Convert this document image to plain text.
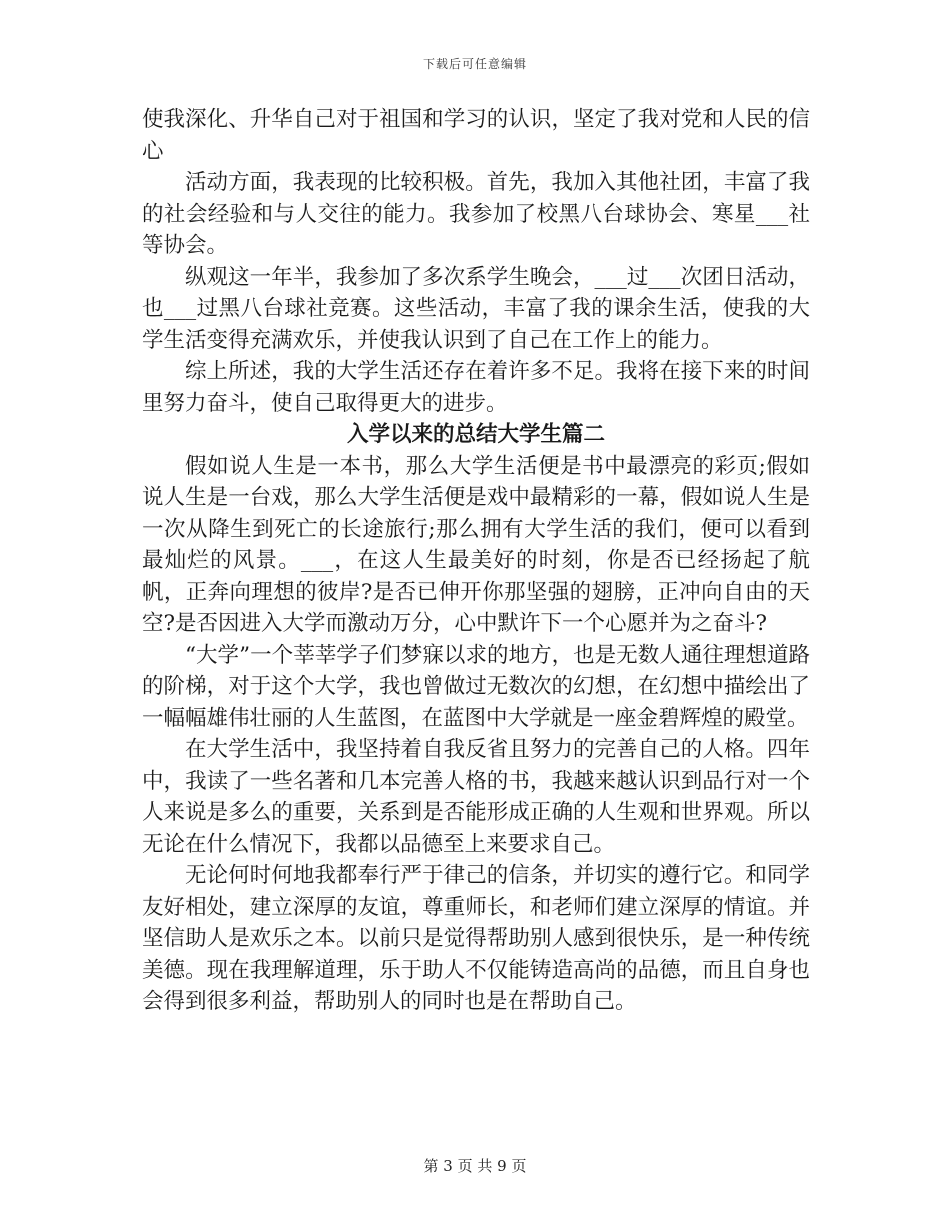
下载后可任意编辑

使我深化、升华自己对于祖国和学习的认识，坚定了我对党和人民的信心

活动方面，我表现的比较积极。首先，我加入其他社团，丰富了我的社会经验和与人交往的能力。我参加了校黑八台球协会、寒星___社等协会。

纵观这一年半，我参加了多次系学生晚会，___过___次团日活动，也___过黑八台球社竞赛。这些活动，丰富了我的课余生活，使我的大学生活变得充满欢乐，并使我认识到了自己在工作上的能力。

综上所述，我的大学生活还存在着许多不足。我将在接下来的时间里努力奋斗，使自己取得更大的进步。

入学以来的总结大学生篇二

假如说人生是一本书，那么大学生活便是书中最漂亮的彩页;假如说人生是一台戏，那么大学生活便是戏中最精彩的一幕，假如说人生是一次从降生到死亡的长途旅行;那么拥有大学生活的我们，便可以看到最灿烂的风景。___，在这人生最美好的时刻，你是否已经扬起了航帆，正奔向理想的彼岸?是否已伸开你那坚强的翅膀，正冲向自由的天空?是否因进入大学而激动万分，心中默许下一个心愿并为之奋斗?

“大学”一个莘莘学子们梦寐以求的地方，也是无数人通往理想道路的阶梯，对于这个大学，我也曾做过无数次的幻想，在幻想中描绘出了一幅幅雄伟壮丽的人生蓝图，在蓝图中大学就是一座金碧辉煌的殿堂。

在大学生活中，我坚持着自我反省且努力的完善自己的人格。四年中，我读了一些名著和几本完善人格的书，我越来越认识到品行对一个人来说是多么的重要，关系到是否能形成正确的人生观和世界观。所以无论在什么情况下，我都以品德至上来要求自己。

无论何时何地我都奉行严于律己的信条，并切实的遵行它。和同学友好相处，建立深厚的友谊，尊重师长，和老师们建立深厚的情谊。并坚信助人是欢乐之本。以前只是觉得帮助别人感到很快乐，是一种传统美德。现在我理解道理，乐于助人不仅能铸造高尚的品德，而且自身也会得到很多利益，帮助别人的同时也是在帮助自己。

第 3 页 共 9 页
